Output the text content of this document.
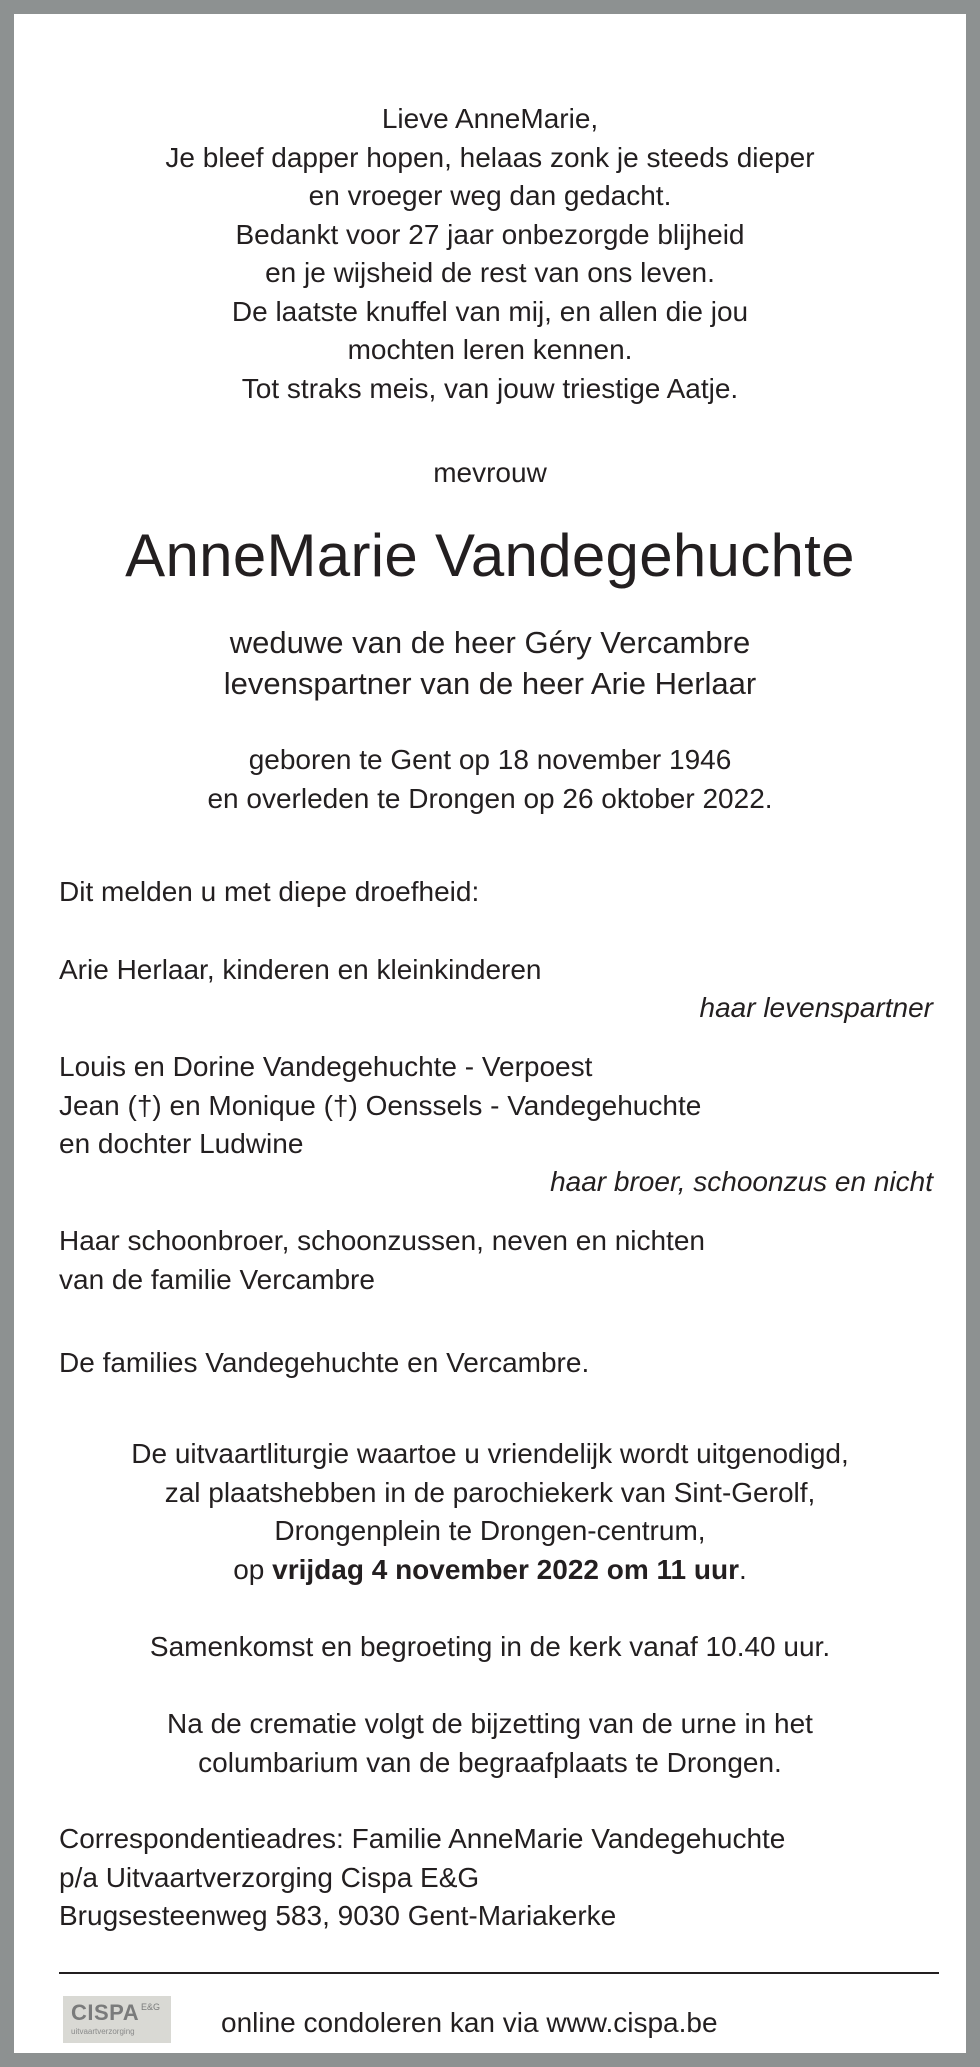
Lieve AnneMarie,
Je bleef dapper hopen, helaas zonk je steeds dieper
en vroeger weg dan gedacht.
Bedankt voor 27 jaar onbezorgde blijheid
en je wijsheid de rest van ons leven.
De laatste knuffel van mij, en allen die jou
mochten leren kennen.
Tot straks meis, van jouw triestige Aatje.
mevrouw
AnneMarie Vandegehuchte
weduwe van de heer Géry Vercambre
levenspartner van de heer Arie Herlaar
geboren te Gent op 18 november 1946
en overleden te Drongen op 26 oktober 2022.
Dit melden u met diepe droefheid:
Arie Herlaar, kinderen en kleinkinderen
haar levenspartner
Louis en Dorine Vandegehuchte - Verpoest
Jean (†) en Monique (†) Oenssels - Vandegehuchte
en dochter Ludwine
haar broer, schoonzus en nicht
Haar schoonbroer, schoonzussen, neven en nichten
van de familie Vercambre
De families Vandegehuchte en Vercambre.
De uitvaartliturgie waartoe u vriendelijk wordt uitgenodigd,
zal plaatshebben in de parochiekerk van Sint-Gerolf,
Drongenplein te Drongen-centrum,
op vrijdag 4 november 2022 om 11 uur.
Samenkomst en begroeting in de kerk vanaf 10.40 uur.
Na de crematie volgt de bijzetting van de urne in het
columbarium van de begraafplaats te Drongen.
Correspondentieadres: Familie AnneMarie Vandegehuchte
p/a Uitvaartverzorging Cispa E&G
Brugsesteenweg 583, 9030 Gent-Mariakerke
CISPA E&G
uitvaartverzorging	online condoleren kan via www.cispa.be
